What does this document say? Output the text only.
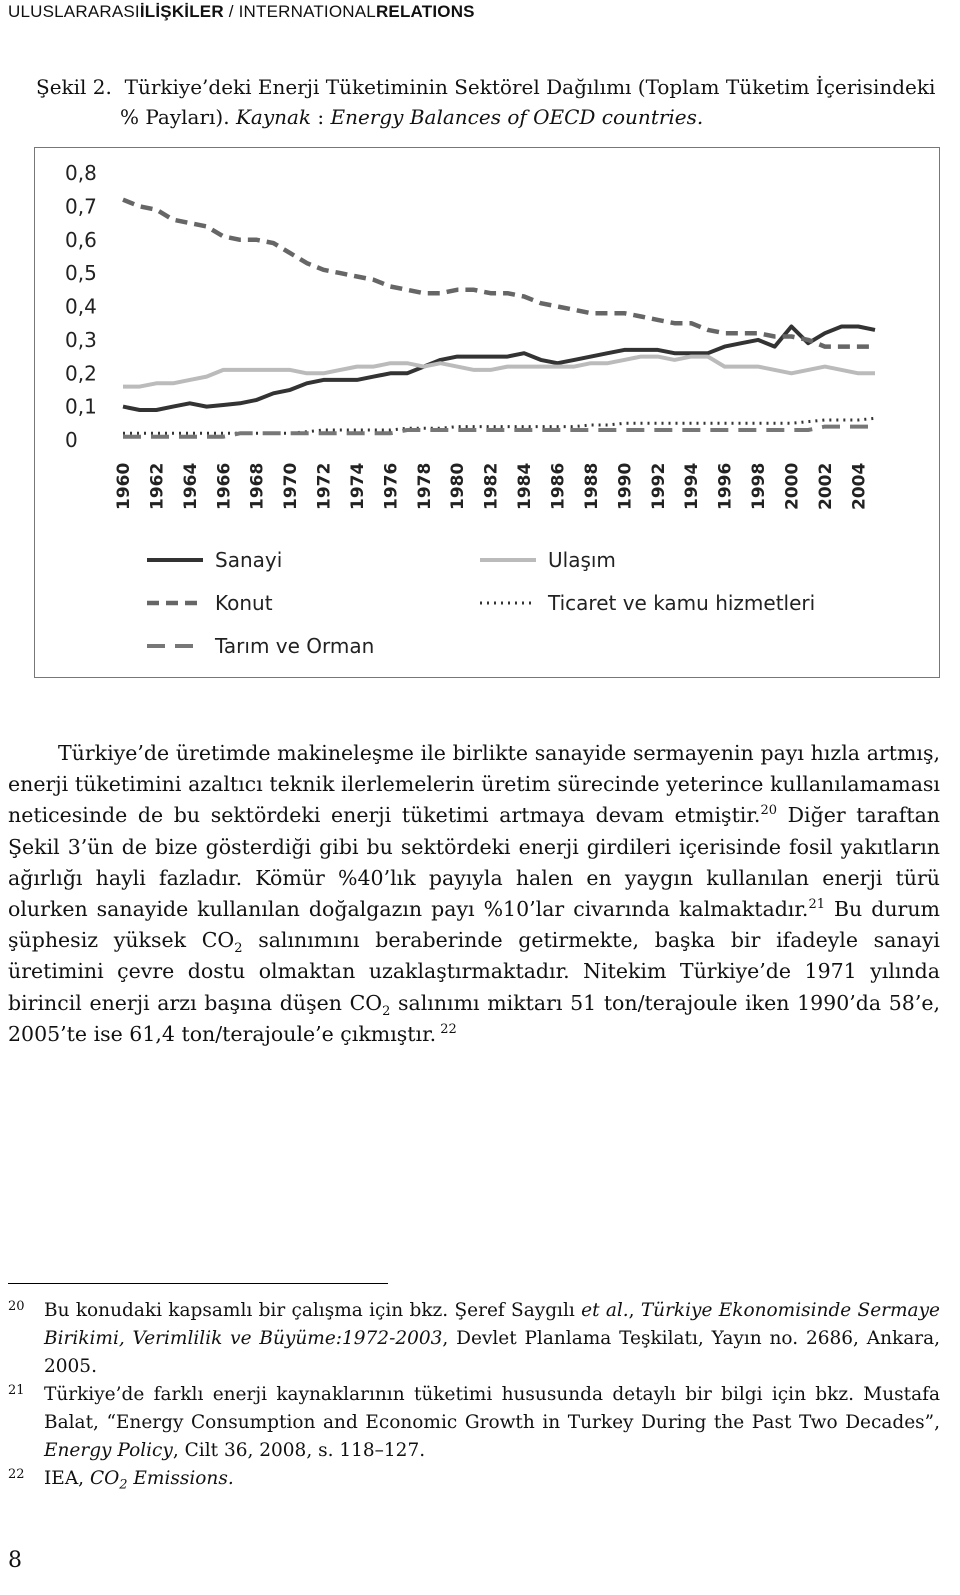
ULUSLARARASIİLİŞKİLER / INTERNATIONALRELATIONS
Şekil 2. Türkiye’deki Enerji Tüketiminin Sektörel Dağılımı (Toplam Tüketim İçerisindeki
% Payları). Kaynak : Energy Balances of OECD countries.
0
0,1
0,2
0,3
0,4
0,5
0,6
0,7
0,8
1960 1962 1964 1966 1968 1970 1972 1974 1976 1978 1980 1982 1984 1986 1988 1990 1992 1994 1996 1998 2000 2002 2004
Sanayi	Ulaşım
Konut	Ticaret ve kamu hizmetleri
Tarım ve Orman

Türkiye’de üretimde makineleşme ile birlikte sanayide sermayenin payı hızla artmış, enerji tüketimini azaltıcı teknik ilerlemelerin üretim sürecinde yeterince kullanılamaması neticesinde de bu sektördeki enerji tüketimi artmaya devam etmiştir.$^{20}$ Diğer taraftan Şekil 3’ün de bize gösterdiği gibi bu sektördeki enerji girdileri içerisinde fosil yakıtların ağırlığı hayli fazladır. Kömür %40’lık payıyla halen en yaygın kullanılan enerji türü olurken sanayide kullanılan doğalgazın payı %10’lar civarında kalmaktadır.$^{21}$ Bu durum şüphesiz yüksek $CO_2$ salınımını beraberinde getirmekte, başka bir ifadeyle sanayi üretimini çevre dostu olmaktan uzaklaştırmaktadır. Nitekim Türkiye’de 1971 yılında birincil enerji arzı başına düşen $CO_2$ salınımı miktarı 51 ton/terajoule iken 1990’da 58’e, 2005’te ise 61,4 ton/terajoule’e çıkmıştır. $^{22}$

20 Bu konudaki kapsamlı bir çalışma için bkz. Şeref Saygılı et al., Türkiye Ekonomisinde Sermaye Birikimi, Verimlilik ve Büyüme:1972-2003, Devlet Planlama Teşkilatı, Yayın no. 2686, Ankara, 2005.
21 Türkiye’de farklı enerji kaynaklarının tüketimi hususunda detaylı bir bilgi için bkz. Mustafa Balat, “Energy Consumption and Economic Growth in Turkey During the Past Two Decades”, Energy Policy, Cilt 36, 2008, s. 118–127.
22 IEA, $CO_2$ Emissions.
8
